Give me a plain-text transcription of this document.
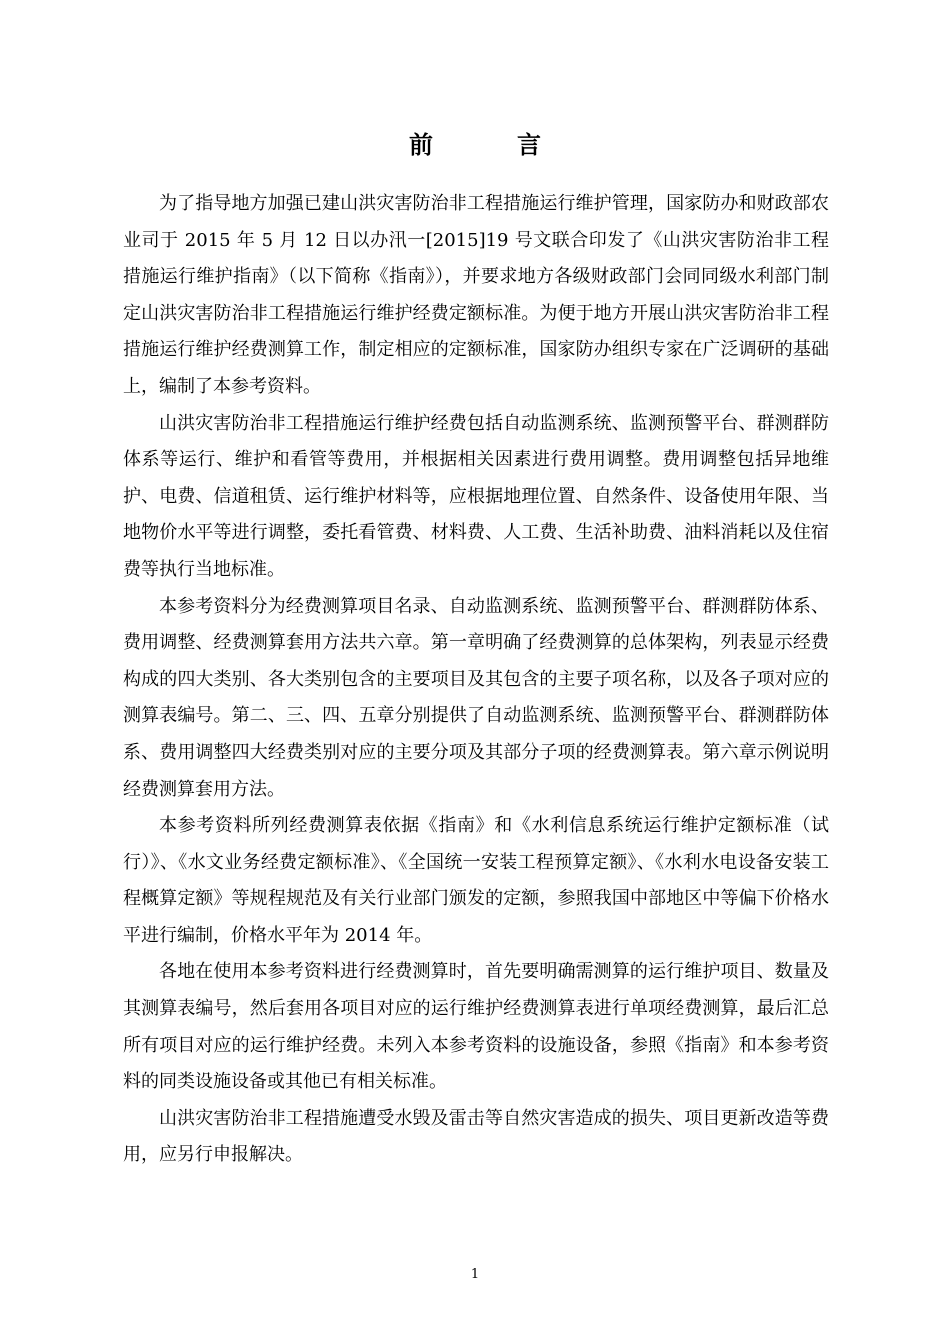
前　言

为了指导地方加强已建山洪灾害防治非工程措施运行维护管理，国家防办和财政部农业司于 2015 年 5 月 12 日以办汛一[2015]19 号文联合印发了《山洪灾害防治非工程措施运行维护指南》（以下简称《指南》），并要求地方各级财政部门会同同级水利部门制定山洪灾害防治非工程措施运行维护经费定额标准。为便于地方开展山洪灾害防治非工程措施运行维护经费测算工作，制定相应的定额标准，国家防办组织专家在广泛调研的基础上，编制了本参考资料。

山洪灾害防治非工程措施运行维护经费包括自动监测系统、监测预警平台、群测群防体系等运行、维护和看管等费用，并根据相关因素进行费用调整。费用调整包括异地维护、电费、信道租赁、运行维护材料等，应根据地理位置、自然条件、设备使用年限、当地物价水平等进行调整，委托看管费、材料费、人工费、生活补助费、油料消耗以及住宿费等执行当地标准。

本参考资料分为经费测算项目名录、自动监测系统、监测预警平台、群测群防体系、费用调整、经费测算套用方法共六章。第一章明确了经费测算的总体架构，列表显示经费构成的四大类别、各大类别包含的主要项目及其包含的主要子项名称，以及各子项对应的测算表编号。第二、三、四、五章分别提供了自动监测系统、监测预警平台、群测群防体系、费用调整四大经费类别对应的主要分项及其部分子项的经费测算表。第六章示例说明经费测算套用方法。

本参考资料所列经费测算表依据《指南》和《水利信息系统运行维护定额标准（试行）》、《水文业务经费定额标准》、《全国统一安装工程预算定额》、《水利水电设备安装工程概算定额》等规程规范及有关行业部门颁发的定额，参照我国中部地区中等偏下价格水平进行编制，价格水平年为 2014 年。

各地在使用本参考资料进行经费测算时，首先要明确需测算的运行维护项目、数量及其测算表编号，然后套用各项目对应的运行维护经费测算表进行单项经费测算，最后汇总所有项目对应的运行维护经费。未列入本参考资料的设施设备，参照《指南》和本参考资料的同类设施设备或其他已有相关标准。

山洪灾害防治非工程措施遭受水毁及雷击等自然灾害造成的损失、项目更新改造等费用，应另行申报解决。

1
